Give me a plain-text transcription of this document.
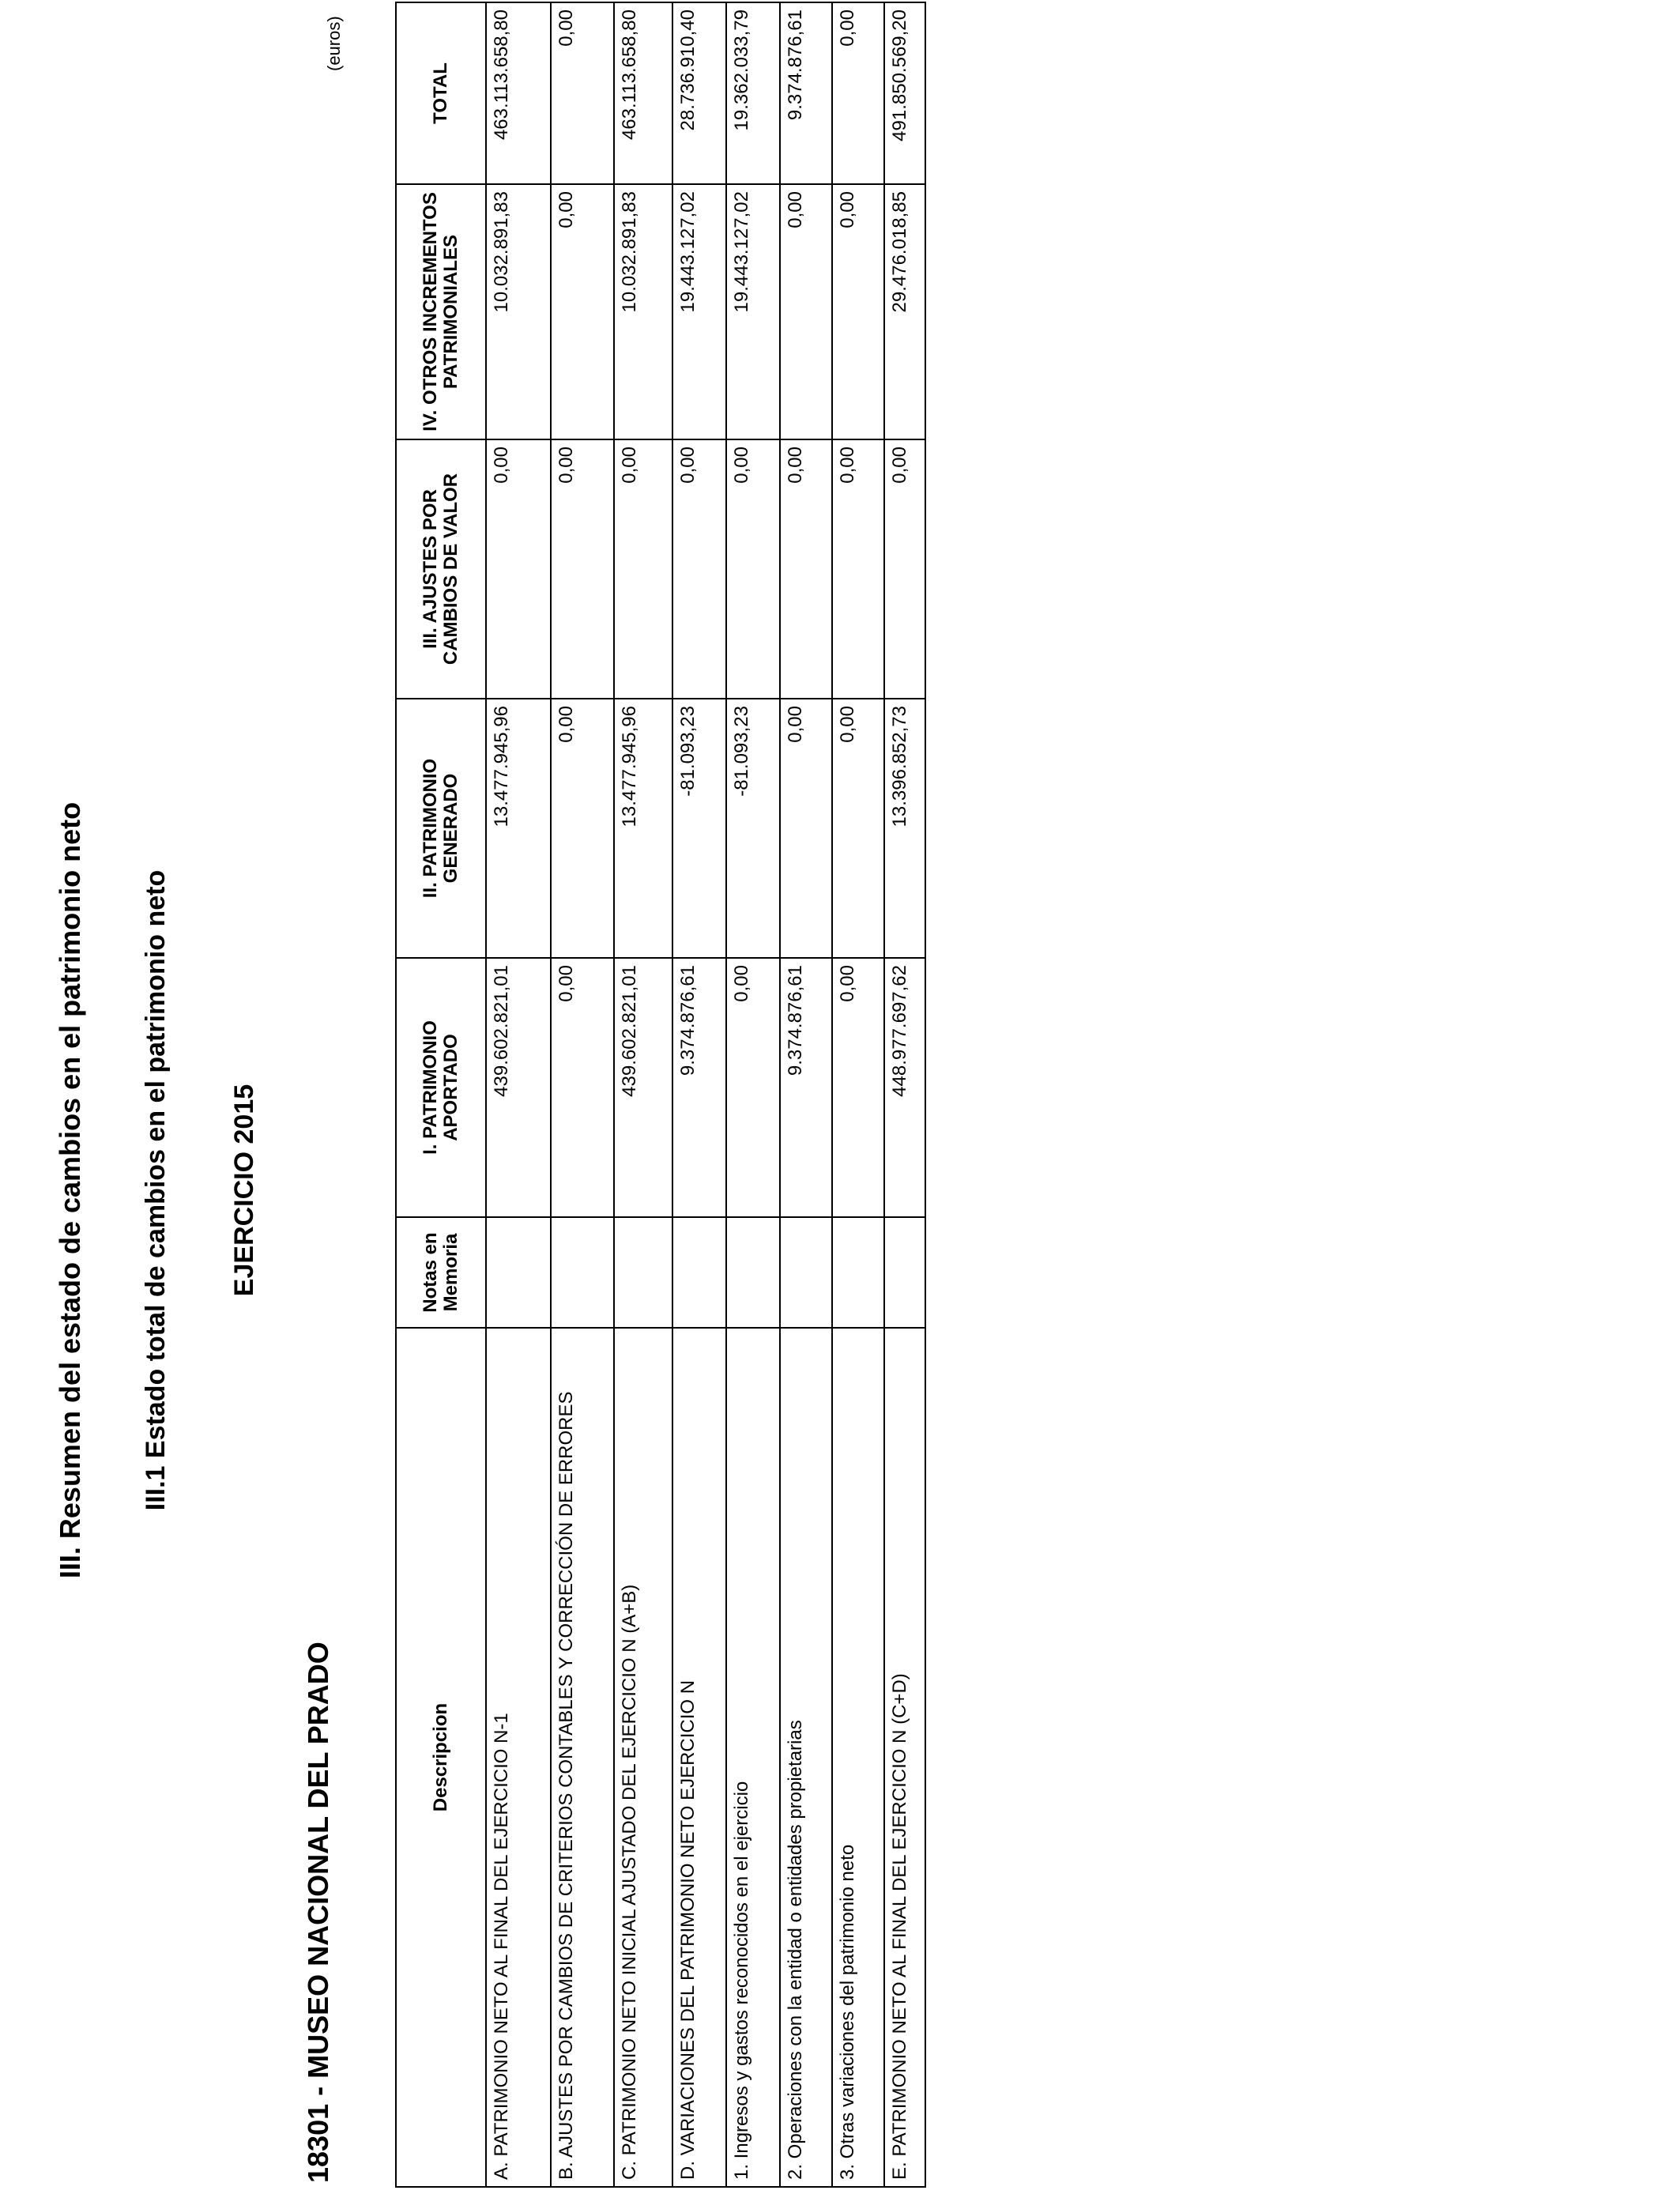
III. Resumen del estado de cambios en el patrimonio neto III.1 Estado total de cambios en el patrimonio neto EJERCICIO 2015
18301 - MUSEO NACIONAL DEL PRADO
(euros)
Descripcion	Notas en Memoria	I. PATRIMONIO APORTADO	II. PATRIMONIO GENERADO	III. AJUSTES POR CAMBIOS DE VALOR	IV. OTROS INCREMENTOS PATRIMONIALES	TOTAL
A. PATRIMONIO NETO AL FINAL DEL EJERCICIO N-1		439.602.821,01	13.477.945,96	0,00	10.032.891,83	463.113.658,80
B. AJUSTES POR CAMBIOS DE CRITERIOS CONTABLES Y CORRECCIÓN DE ERRORES		0,00	0,00	0,00	0,00	0,00
C. PATRIMONIO NETO INICIAL AJUSTADO DEL EJERCICIO N (A+B)		439.602.821,01	13.477.945,96	0,00	10.032.891,83	463.113.658,80
D. VARIACIONES DEL PATRIMONIO NETO EJERCICIO N		9.374.876,61	-81.093,23	0,00	19.443.127,02	28.736.910,40
1. Ingresos y gastos reconocidos en el ejercicio		0,00	-81.093,23	0,00	19.443.127,02	19.362.033,79
2. Operaciones con la entidad o entidades propietarias		9.374.876,61	0,00	0,00	0,00	9.374.876,61
3. Otras variaciones del patrimonio neto		0,00	0,00	0,00	0,00	0,00
E. PATRIMONIO NETO AL FINAL DEL EJERCICIO N (C+D)		448.977.697,62	13.396.852,73	0,00	29.476.018,85	491.850.569,20
